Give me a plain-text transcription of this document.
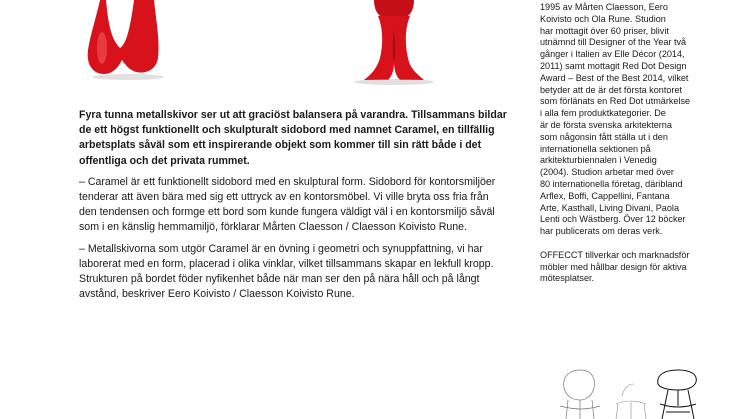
Fyra tunna metallskivor ser ut att graciöst balansera på varandra. Tillsammans bildar de ett högst funktionellt och skulpturalt sidobord med namnet Caramel, en tillfällig arbetsplats såväl som ett inspirerande objekt som kommer till sin rätt både i det offentliga och det privata rummet.

– Caramel är ett funktionellt sidobord med en skulptural form. Sidobord för kontorsmiljöer tenderar att även bära med sig ett uttryck av en kontorsmöbel. Vi ville bryta oss fria från den tendensen och formge ett bord som kunde fungera väldigt väl i en kontorsmiljö såväl som i en känslig hemmamiljö, förklarar Mårten Claesson / Claesson Koivisto Rune.

– Metallskivorna som utgör Caramel är en övning i geometri och synuppfattning, vi har laborerat med en form, placerad i olika vinklar, vilket tillsammans skapar en lekfull kropp. Strukturen på bordet föder nyfikenhet både när man ser den på nära håll och på långt avstånd, beskriver Eero Koivisto / Claesson Koivisto Rune.

1995 av Mårten Claesson, Eero
Koivisto och Ola Rune. Studion
har mottagit över 60 priser, blivit
utnämnd till Designer of the Year två
gånger i Italien av Elle Décor (2014,
2011) samt mottagit Red Dot Design
Award – Best of the Best 2014, vilket
betyder att de är det första kontoret
som förlänats en Red Dot utmärkelse
i alla fem produktkategorier. De
är de första svenska arkitekterna
som någonsin fått ställa ut i den
internationella sektionen på
arkitekturbiennalen i Venedig
(2004). Studion arbetar med över
80 internationella företag, däribland
Arflex, Boffi, Cappellini, Fantana
Arte, Kasthall, Living Divani, Paola
Lenti och Wästberg. Över 12 böcker
har publicerats om deras verk.
OFFECCT tillverkar och marknadsför
möbler med hållbar design för aktiva
mötesplatser.
